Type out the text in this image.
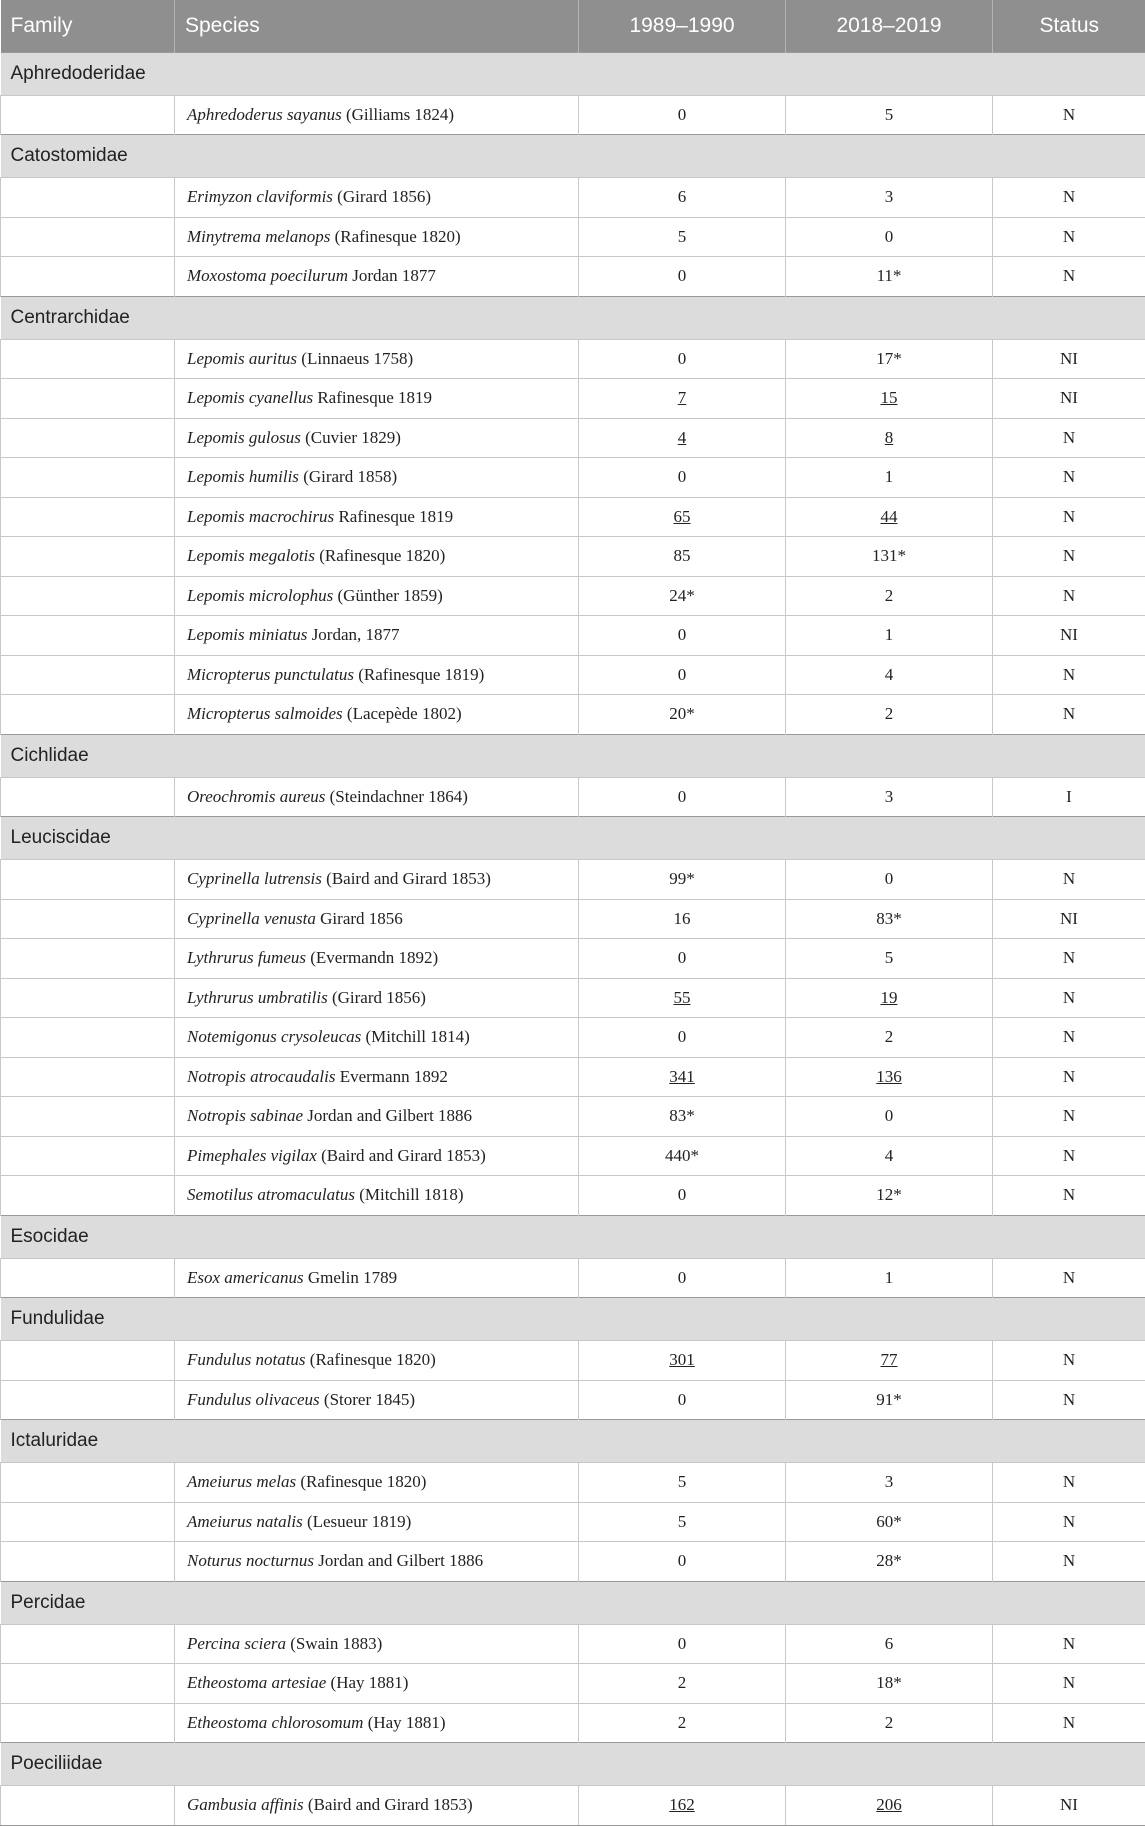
Family	Species	1989–1990	2018–2019	Status
Aphredoderidae				
	Aphredoderus sayanus (Gilliams 1824)	0	5	N
Catostomidae				
	Erimyzon claviformis (Girard 1856)	6	3	N
	Minytrema melanops (Rafinesque 1820)	5	0	N
	Moxostoma poecilurum Jordan 1877	0	11*	N
Centrarchidae				
	Lepomis auritus (Linnaeus 1758)	0	17*	NI
	Lepomis cyanellus Rafinesque 1819	7	15	NI
	Lepomis gulosus (Cuvier 1829)	4	8	N
	Lepomis humilis (Girard 1858)	0	1	N
	Lepomis macrochirus Rafinesque 1819	65	44	N
	Lepomis megalotis (Rafinesque 1820)	85	131*	N
	Lepomis microlophus (Günther 1859)	24*	2	N
	Lepomis miniatus Jordan, 1877	0	1	NI
	Micropterus punctulatus (Rafinesque 1819)	0	4	N
	Micropterus salmoides (Lacepède 1802)	20*	2	N
Cichlidae				
	Oreochromis aureus (Steindachner 1864)	0	3	I
Leuciscidae				
	Cyprinella lutrensis (Baird and Girard 1853)	99*	0	N
	Cyprinella venusta Girard 1856	16	83*	NI
	Lythrurus fumeus (Evermandn 1892)	0	5	N
	Lythrurus umbratilis (Girard 1856)	55	19	N
	Notemigonus crysoleucas (Mitchill 1814)	0	2	N
	Notropis atrocaudalis Evermann 1892	341	136	N
	Notropis sabinae Jordan and Gilbert 1886	83*	0	N
	Pimephales vigilax (Baird and Girard 1853)	440*	4	N
	Semotilus atromaculatus (Mitchill 1818)	0	12*	N
Esocidae				
	Esox americanus Gmelin 1789	0	1	N
Fundulidae				
	Fundulus notatus (Rafinesque 1820)	301	77	N
	Fundulus olivaceus (Storer 1845)	0	91*	N
Ictaluridae				
	Ameiurus melas (Rafinesque 1820)	5	3	N
	Ameiurus natalis (Lesueur 1819)	5	60*	N
	Noturus nocturnus Jordan and Gilbert 1886	0	28*	N
Percidae				
	Percina sciera (Swain 1883)	0	6	N
	Etheostoma artesiae (Hay 1881)	2	18*	N
	Etheostoma chlorosomum (Hay 1881)	2	2	N
Poeciliidae				
	Gambusia affinis (Baird and Girard 1853)	162	206	NI
